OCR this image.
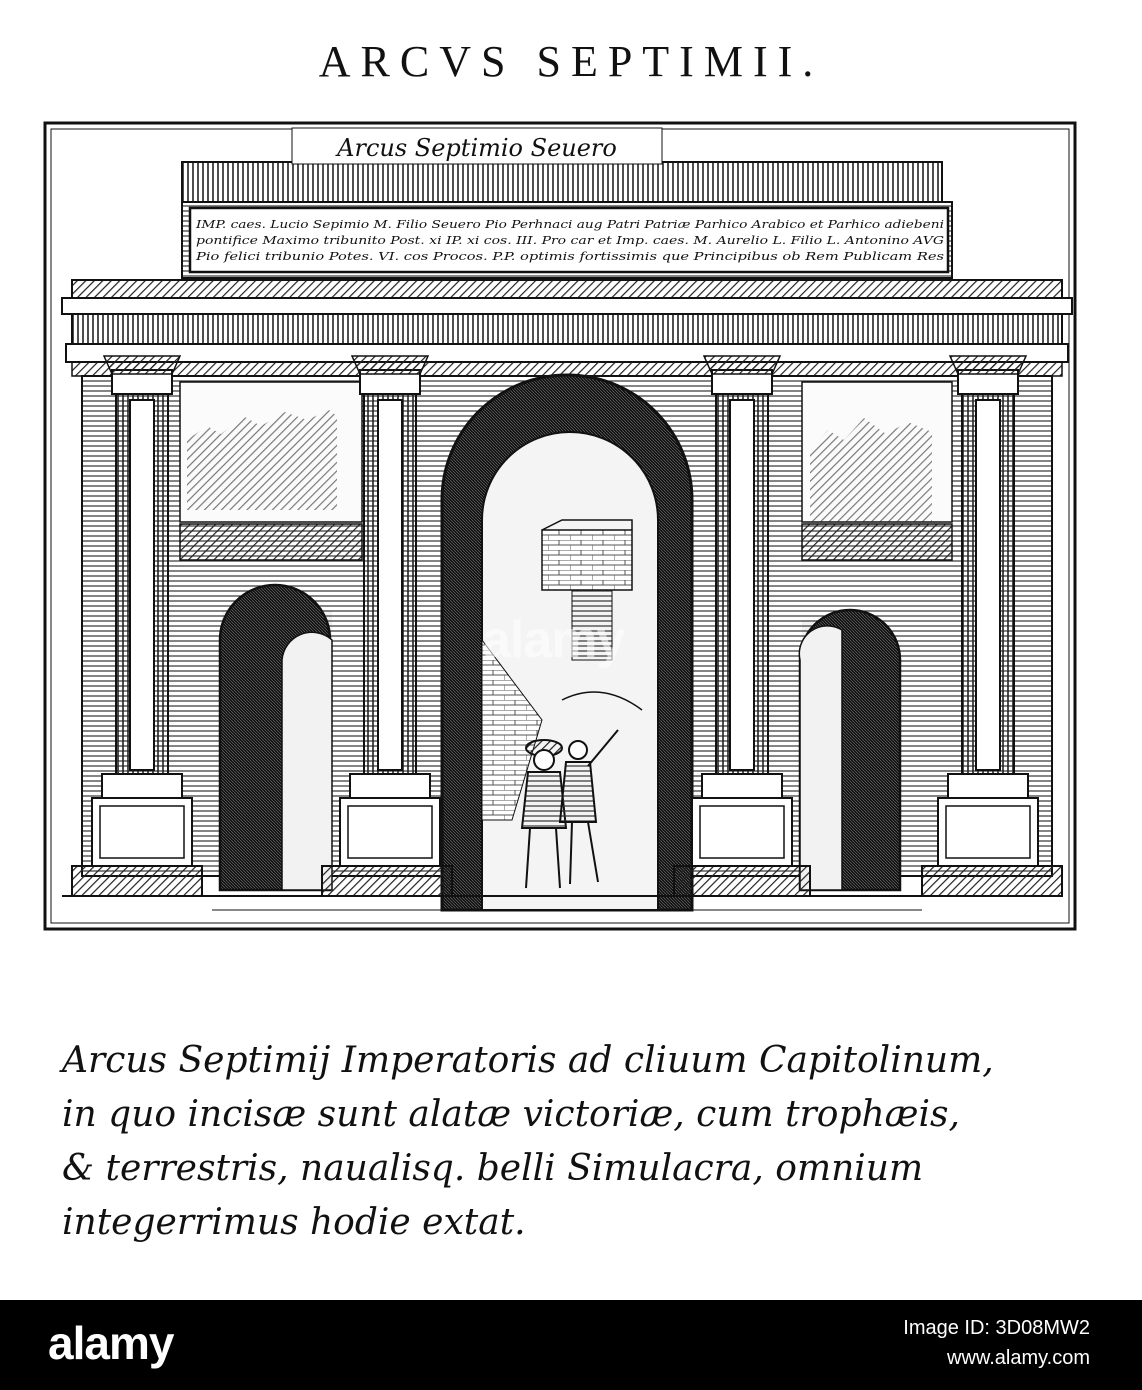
ARCVS SEPTIMII.
Arcus Septimio Seuero
IMP. caes. Lucio Sepimio M. Filio Seuero Pio Perhnaci aug Patri Patriæ Parhico Arabico et Parhico adiebeni
pontifice Maximo tribunito Post. xi IP. xi cos. III. Pro car et Imp. caes. M. Aurelio L. Filio L. Antonino AVG
Pio felici tribunio Potes. VI. cos Procos. P.P. optimis fortissimis que Principibus ob Rem Publicam Res
alamy
Arcus Septimij Imperatoris ad cliuum Capitolinum,
in quo incisæ sunt alatæ victoriæ, cum trophæis,
& terrestris, naualisq. belli Simulacra, omnium
integerrimus hodie extat.
alamy	Image ID: 3D08MW2
www.alamy.com
